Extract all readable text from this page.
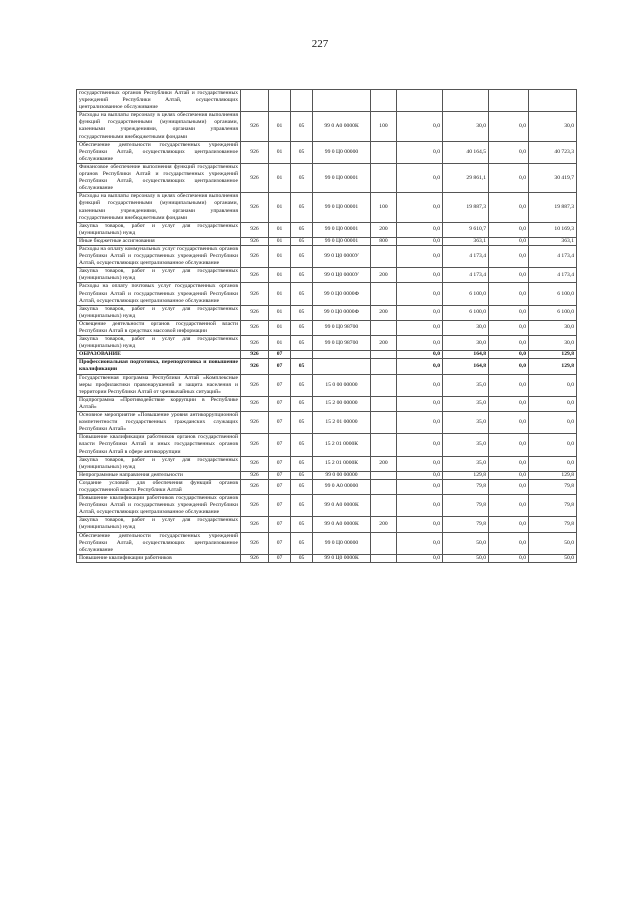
227
государственных органов Республики Алтай и государственных учреждений Республики Алтай, осуществляющих централизованное обслуживание									
Расходы на выплаты персоналу в целях обеспечения выполнения функций государственными (муниципальными) органами, казенными учреждениями, органами управления государственными внебюджетными фондами	926	01	05	99 0 А0 0000К	100	0,0	30,0	0,0	30,0
Обеспечение деятельности государственных учреждений Республики Алтай, осуществляющих централизованное обслуживание	926	01	05	99 0 Ц0 00000		0,0	40 164,5	0,0	40 723,3
Финансовое обеспечение выполнения функций государственных органов Республики Алтай и государственных учреждений Республики Алтай, осуществляющих централизованное обслуживание	926	01	05	99 0 Ц0 00001		0,0	29 861,1	0,0	30 419,7
Расходы на выплаты персоналу в целях обеспечения выполнения функций государственными (муниципальными) органами, казенными учреждениями, органами управления государственными внебюджетными фондами	926	01	05	99 0 Ц0 00001	100	0,0	19 887,3	0,0	19 887,3
Закупка товаров, работ и услуг для государственных (муниципальных) нужд	926	01	05	99 0 Ц0 00001	200	0,0	9 610,7	0,0	10 169,3
Иные бюджетные ассигнования	926	01	05	99 0 Ц0 00001	800	0,0	363,1	0,0	363,1
Расходы на оплату коммунальных услуг государственных органов Республики Алтай и государственных учреждений Республики Алтай, осуществляющих централизованное обслуживание	926	01	05	99 0 Ц0 0000У		0,0	4 173,4	0,0	4 173,4
Закупка товаров, работ и услуг для государственных (муниципальных) нужд	926	01	05	99 0 Ц0 0000У	200	0,0	4 173,4	0,0	4 173,4
Расходы на оплату почтовых услуг государственных органов Республики Алтай и государственных учреждений Республики Алтай, осуществляющих централизованное обслуживание	926	01	05	99 0 Ц0 0000Ф		0,0	6 100,0	0,0	6 100,0
Закупка товаров, работ и услуг для государственных (муниципальных) нужд	926	01	05	99 0 Ц0 0000Ф	200	0,0	6 100,0	0,0	6 100,0
Освещение деятельности органов государственной власти Республики Алтай в средствах массовой информации	926	01	05	99 0 Ц0 98700		0,0	30,0	0,0	30,0
Закупка товаров, работ и услуг для государственных (муниципальных) нужд	926	01	05	99 0 Ц0 98700	200	0,0	30,0	0,0	30,0
ОБРАЗОВАНИЕ	926	07				0,0	164,8	0,0	129,8
Профессиональная подготовка, переподготовка и повышение квалификации	926	07	05			0,0	164,8	0,0	129,8
Государственная программа Республики Алтай «Комплексные меры профилактики правонарушений и защита населения и территории Республики Алтай от чрезвычайных ситуаций»	926	07	05	15 0 00 00000		0,0	35,0	0,0	0,0
Подпрограмма «Противодействие коррупции в Республике Алтай»	926	07	05	15 2 00 00000		0,0	35,0	0,0	0,0
Основное мероприятие «Повышение уровня антикоррупционной компетентности государственных гражданских служащих Республики Алтай»	926	07	05	15 2 01 00000		0,0	35,0	0,0	0,0
Повышение квалификации работников органов государственной власти Республики Алтай и иных государственных органов Республики Алтай в сфере антикоррупции	926	07	05	15 2 01 0000К		0,0	35,0	0,0	0,0
Закупка товаров, работ и услуг для государственных (муниципальных) нужд	926	07	05	15 2 01 0000К	200	0,0	35,0	0,0	0,0
Непрограммные направления деятельности	926	07	05	99 0 00 00000		0,0	129,8	0,0	129,8
Создание условий для обеспечения функций органов государственной власти Республики Алтай	926	07	05	99 0 А0 00000		0,0	79,8	0,0	79,8
Повышение квалификации работников государственных органов Республики Алтай и государственных учреждений Республики Алтай, осуществляющих централизованное обслуживание	926	07	05	99 0 А0 0000К		0,0	79,8	0,0	79,8
Закупка товаров, работ и услуг для государственных (муниципальных) нужд	926	07	05	99 0 А0 0000К	200	0,0	79,8	0,0	79,8
Обеспечение деятельности государственных учреждений Республики Алтай, осуществляющих централизованное обслуживание	926	07	05	99 0 Ц0 00000		0,0	50,0	0,0	50,0
Повышение квалификации работников	926	07	05	99 0 Ц0 0000К		0,0	50,0	0,0	50,0
